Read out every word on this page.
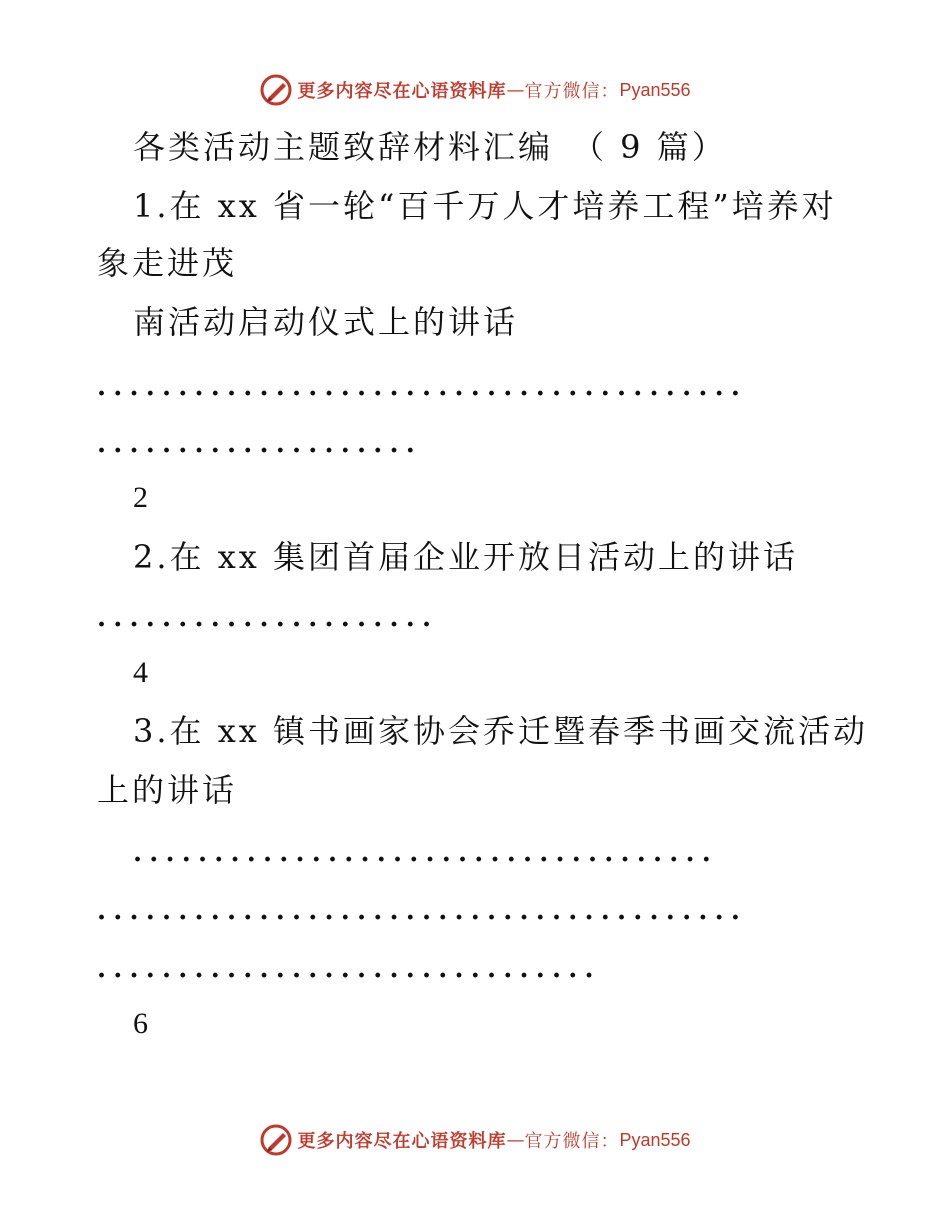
更多内容尽在心语资料库 — 官方微信： Pyan556
各类活动主题致辞材料汇编　（ 9 篇）
1.在 xx 省一轮“百千万人才培养工程”培养对
象走进茂
南活动启动仪式上的讲话
........................................
....................
2
2.在 xx 集团首届企业开放日活动上的讲话
.....................
4
3.在 xx 镇书画家协会乔迁暨春季书画交流活动
上的讲话
....................................
........................................
...............................
6
更多内容尽在心语资料库 — 官方微信： Pyan556
